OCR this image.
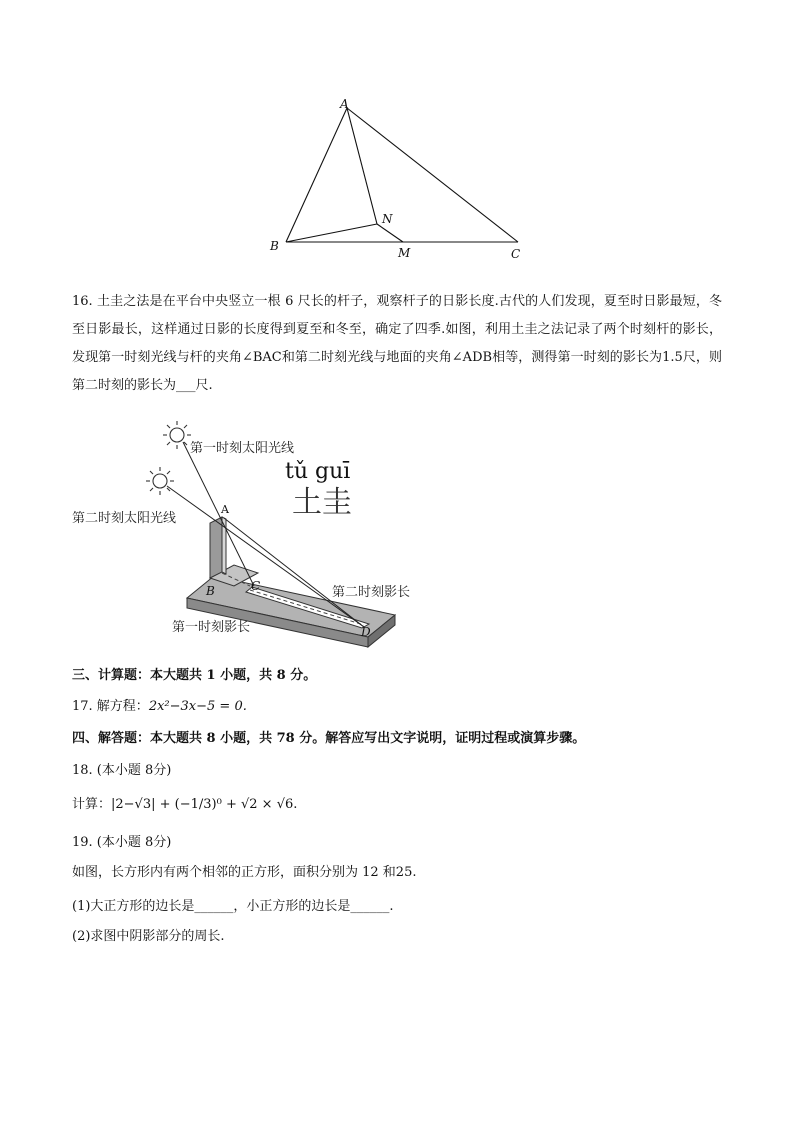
A
B
C
M
N
16. 土圭之法是在平台中央竖立一根 6 尺长的杆子，观察杆子的日影长度.古代的人们发现，夏至时日影最短，冬至日影最长，这样通过日影的长度得到夏至和冬至，确定了四季.如图，利用土圭之法记录了两个时刻杆的影长，发现第一时刻光线与杆的夹角∠BAC和第二时刻光线与地面的夹角∠ADB相等，测得第一时刻的影长为1.5尺，则第二时刻的影长为___尺.
A
B	C
D
第一时刻太阳光线
第二时刻太阳光线
第二时刻影长
第一时刻影长
tǔ guī
土圭
三、计算题：本大题共 1 小题，共 8 分。
17. 解方程：2x²−3x−5 = 0.
四、解答题：本大题共 8 小题，共 78 分。解答应写出文字说明，证明过程或演算步骤。
18. (本小题 8分)
计算：|2−√3| + (−1/3)⁰ + √2 × √6.
19. (本小题 8分)
如图，长方形内有两个相邻的正方形，面积分别为 12 和25.
(1)大正方形的边长是______，小正方形的边长是______.
(2)求图中阴影部分的周长.
